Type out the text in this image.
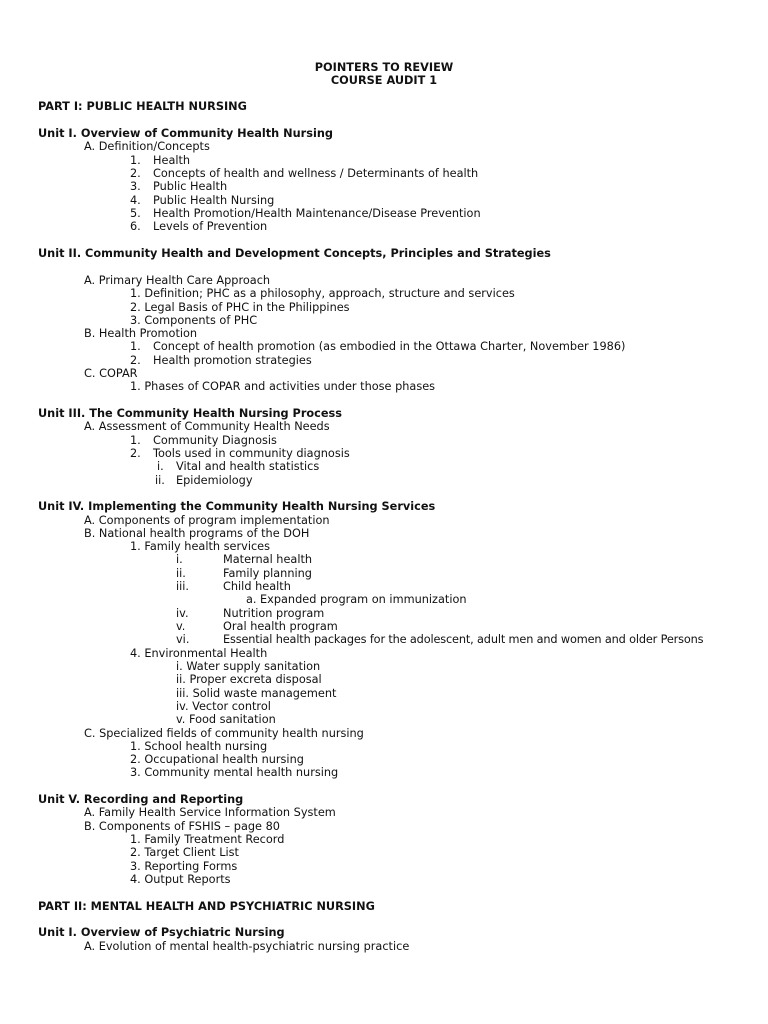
POINTERS TO REVIEW
COURSE AUDIT 1
PART I: PUBLIC HEALTH NURSING
Unit I. Overview of Community Health Nursing
A. Definition/Concepts
1. Health
2. Concepts of health and wellness / Determinants of health
3. Public Health
4. Public Health Nursing
5. Health Promotion/Health Maintenance/Disease Prevention
6. Levels of Prevention
Unit II. Community Health and Development Concepts, Principles and Strategies
A. Primary Health Care Approach
1. Definition; PHC as a philosophy, approach, structure and services
2. Legal Basis of PHC in the Philippines
3. Components of PHC
B. Health Promotion
1. Concept of health promotion (as embodied in the Ottawa Charter, November 1986)
2. Health promotion strategies
C. COPAR
1. Phases of COPAR and activities under those phases
Unit III. The Community Health Nursing Process
A. Assessment of Community Health Needs
1. Community Diagnosis
2. Tools used in community diagnosis
i. Vital and health statistics
ii. Epidemiology
Unit IV. Implementing the Community Health Nursing Services
A. Components of program implementation
B. National health programs of the DOH
1. Family health services
i.	Maternal health
ii.	Family planning
iii.	Child health
a. Expanded program on immunization
iv.	Nutrition program
v.	Oral health program
vi.	Essential health packages for the adolescent, adult men and women and older Persons
4. Environmental Health
i. Water supply sanitation
ii. Proper excreta disposal
iii. Solid waste management
iv. Vector control
v. Food sanitation
C. Specialized fields of community health nursing
1. School health nursing
2. Occupational health nursing
3. Community mental health nursing
Unit V. Recording and Reporting
A. Family Health Service Information System
B. Components of FSHIS – page 80
1. Family Treatment Record
2. Target Client List
3. Reporting Forms
4. Output Reports
PART II: MENTAL HEALTH AND PSYCHIATRIC NURSING
Unit I. Overview of Psychiatric Nursing
A. Evolution of mental health-psychiatric nursing practice
